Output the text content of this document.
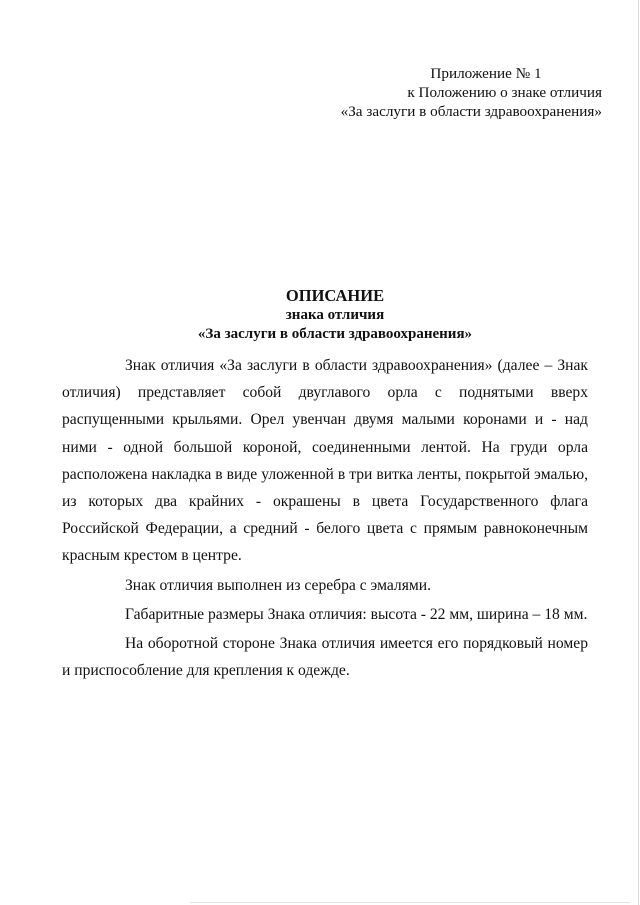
Приложение № 1
к Положению о знаке отличия
«За заслуги в области здравоохранения»
ОПИСАНИЕ
знака отличия
«За заслуги в области здравоохранения»

Знак отличия «За заслуги в области здравоохранения» (далее – Знак отличия) представляет собой двуглавого орла с поднятыми вверх распущенными крыльями. Орел увенчан двумя малыми коронами и - над ними - одной большой короной, соединенными лентой. На груди орла расположена накладка в виде уложенной в три витка ленты, покрытой эмалью, из которых два крайних - окрашены в цвета Государственного флага Российской Федерации, а средний - белого цвета с прямым равноконечным красным крестом в центре.

Знак отличия выполнен из серебра с эмалями.

Габаритные размеры Знака отличия: высота - 22 мм, ширина – 18 мм.

На оборотной стороне Знака отличия имеется его порядковый номер и приспособление для крепления к одежде.
